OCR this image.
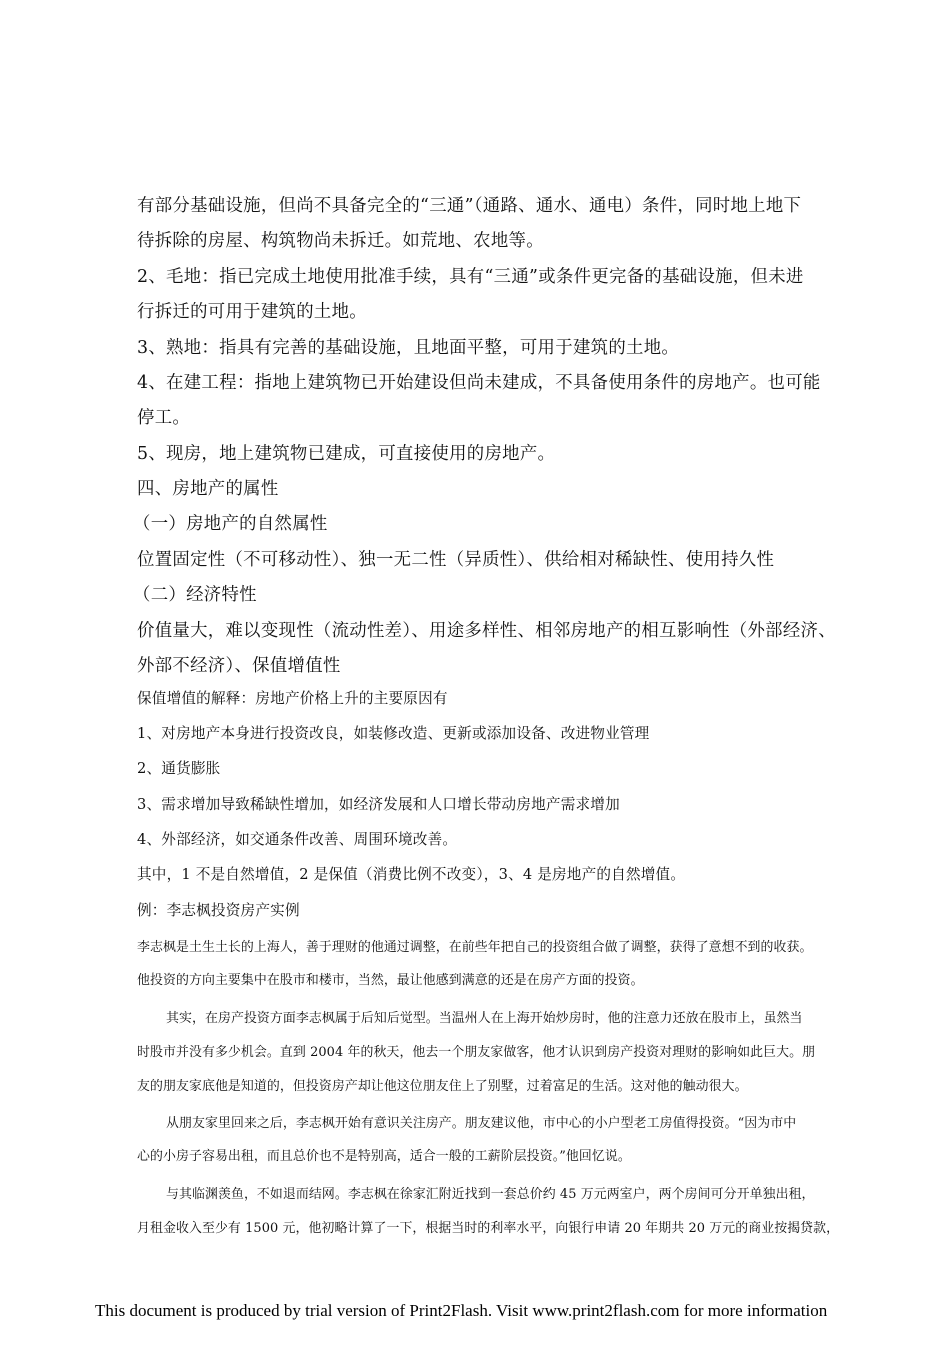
有部分基础设施，但尚不具备完全的“三通”（通路、通水、通电）条件，同时地上地下
待拆除的房屋、构筑物尚未拆迁。如荒地、农地等。
2、毛地：指已完成土地使用批准手续，具有“三通”或条件更完备的基础设施，但未进
行拆迁的可用于建筑的土地。
3、熟地：指具有完善的基础设施，且地面平整，可用于建筑的土地。
4、在建工程：指地上建筑物已开始建设但尚未建成，不具备使用条件的房地产。也可能
停工。
5、现房，地上建筑物已建成，可直接使用的房地产。
四、房地产的属性
（一）房地产的自然属性
位置固定性（不可移动性）、独一无二性（异质性）、供给相对稀缺性、使用持久性
（二）经济特性
价值量大，难以变现性（流动性差）、用途多样性、相邻房地产的相互影响性（外部经济、
外部不经济）、保值增值性
保值增值的解释：房地产价格上升的主要原因有
1、对房地产本身进行投资改良，如装修改造、更新或添加设备、改进物业管理
2、通货膨胀
3、需求增加导致稀缺性增加，如经济发展和人口增长带动房地产需求增加
4、外部经济，如交通条件改善、周围环境改善。
其中，1 不是自然增值，2 是保值（消费比例不改变），3、4 是房地产的自然增值。
例：李志枫投资房产实例
李志枫是土生土长的上海人，善于理财的他通过调整，在前些年把自己的投资组合做了调整，获得了意想不到的收获。
他投资的方向主要集中在股市和楼市，当然，最让他感到满意的还是在房产方面的投资。
其实，在房产投资方面李志枫属于后知后觉型。当温州人在上海开始炒房时，他的注意力还放在股市上，虽然当
时股市并没有多少机会。直到 2004 年的秋天，他去一个朋友家做客，他才认识到房产投资对理财的影响如此巨大。朋
友的朋友家底他是知道的，但投资房产却让他这位朋友住上了别墅，过着富足的生活。这对他的触动很大。
从朋友家里回来之后，李志枫开始有意识关注房产。朋友建议他，市中心的小户型老工房值得投资。“因为市中
心的小房子容易出租，而且总价也不是特别高，适合一般的工薪阶层投资。”他回忆说。
与其临渊羡鱼，不如退而结网。李志枫在徐家汇附近找到一套总价约 45 万元两室户，两个房间可分开单独出租，
月租金收入至少有 1500 元，他初略计算了一下，根据当时的利率水平，向银行申请 20 年期共 20 万元的商业按揭贷款，
This document is produced by trial version of Print2Flash. Visit www.print2flash.com for more information
